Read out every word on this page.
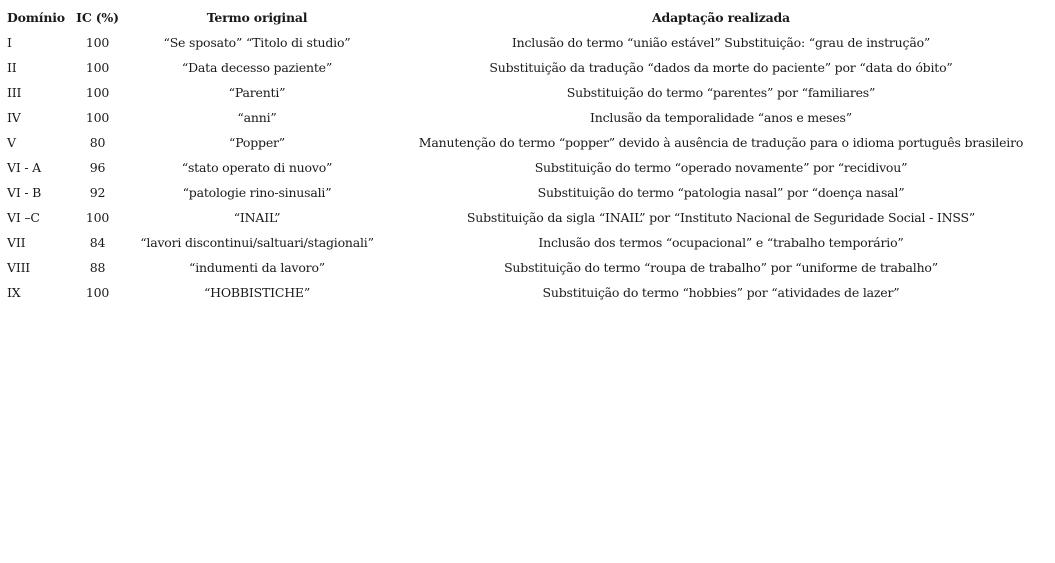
Domínio	IC (%)	Termo original	Adaptação realizada
I	100	“Se sposato” “Titolo di studio”	Inclusão do termo “união estável” Substituição: “grau de instrução”
II	100	“Data decesso paziente”	Substituição da tradução “dados da morte do paciente” por “data do óbito”
III	100	“Parenti”	Substituição do termo “parentes” por “familiares”
IV	100	“anni”	Inclusão da temporalidade “anos e meses”
V	80	“Popper”	Manutenção do termo “popper” devido à ausência de tradução para o idioma português brasileiro
VI - A	96	“stato operato di nuovo”	Substituição do termo “operado novamente” por “recidivou”
VI - B	92	“patologie rino-sinusali”	Substituição do termo “patologia nasal” por “doença nasal”
VI –C	100	“INAIL”	Substituição da sigla “INAIL” por “Instituto Nacional de Seguridade Social - INSS”
VII	84	“lavori discontinui/saltuari/stagionali”	Inclusão dos termos “ocupacional” e “trabalho temporário”
VIII	88	“indumenti da lavoro”	Substituição do termo “roupa de trabalho” por “uniforme de trabalho”
IX	100	“HOBBISTICHE”	Substituição do termo “hobbies” por “atividades de lazer”
